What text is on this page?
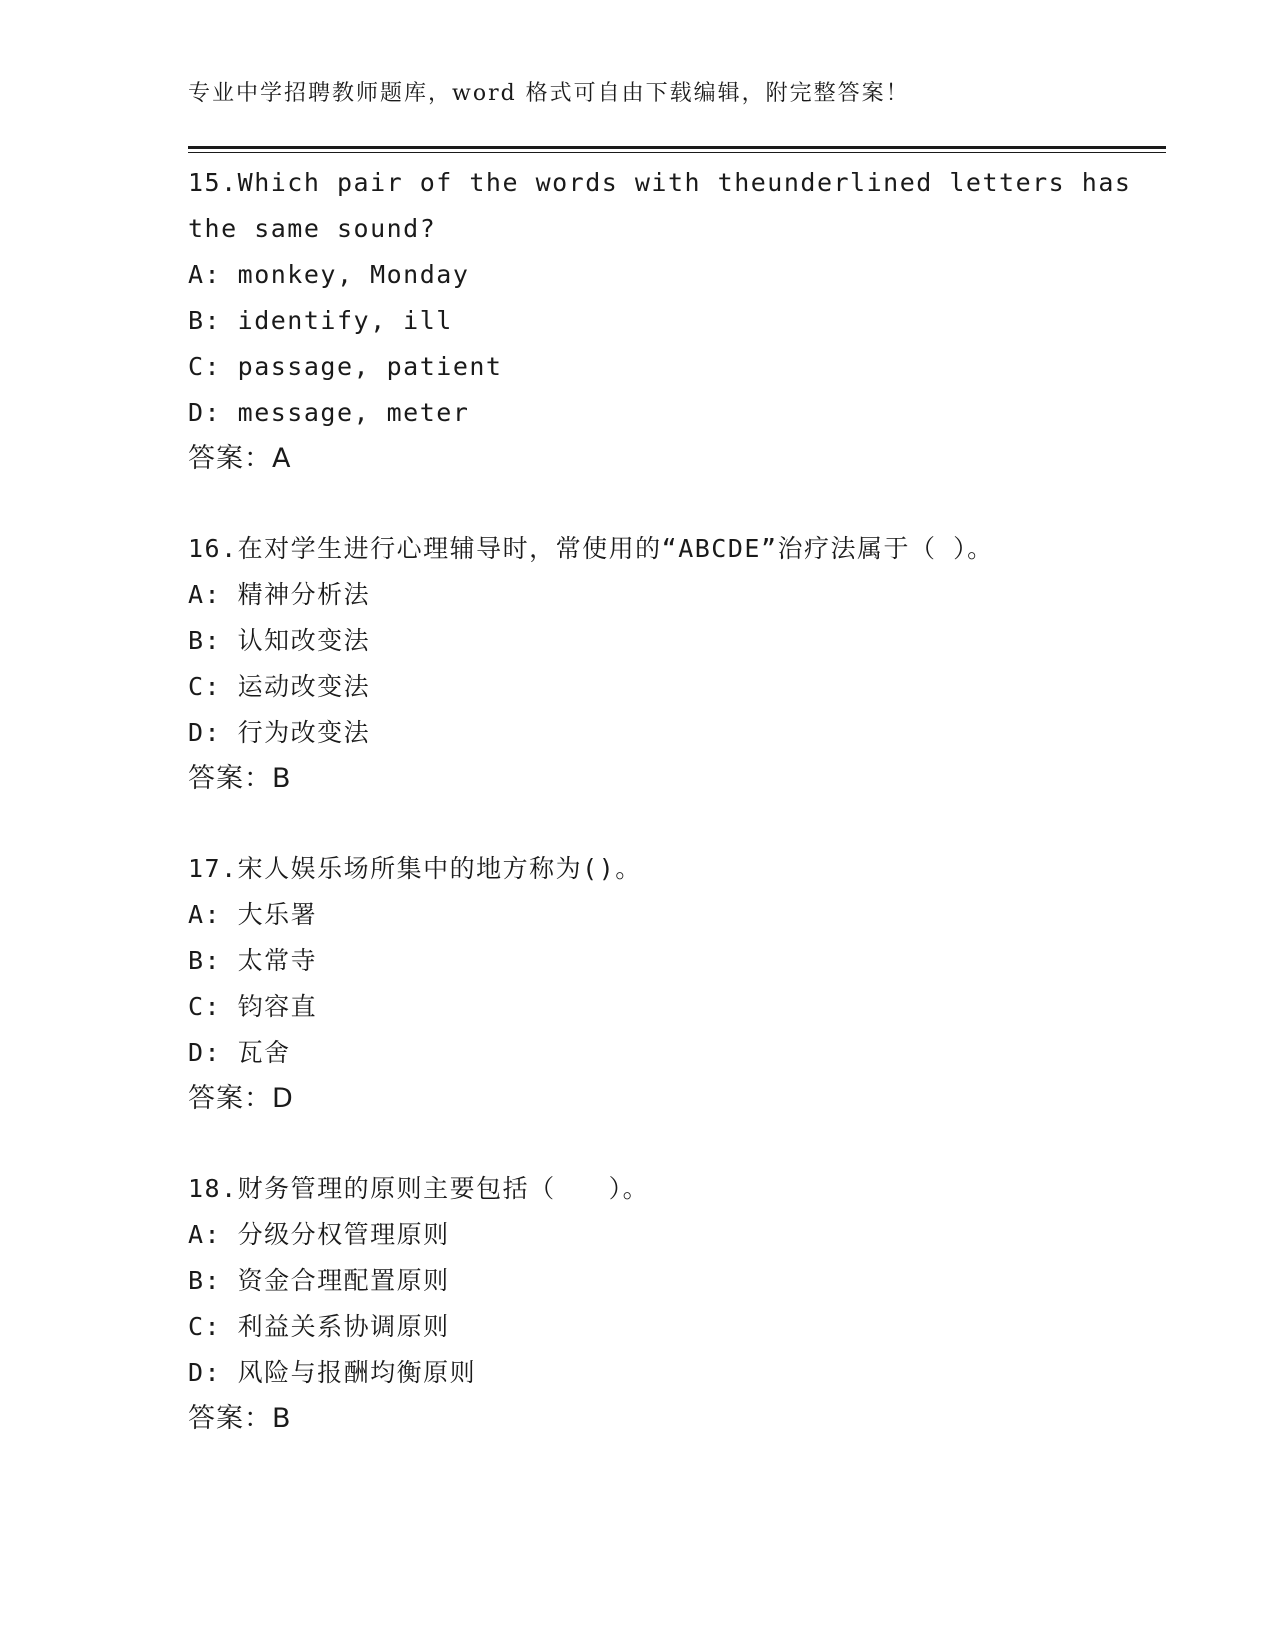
专业中学招聘教师题库，word 格式可自由下载编辑，附完整答案！
15.Which pair of the words with theunderlined letters has the same sound?
A: monkey, Monday
B: identify, ill
C: passage, patient
D: message, meter
答案：A
16.在对学生进行心理辅导时，常使用的“ABCDE”治疗法属于（ ）。
A: 精神分析法
B: 认知改变法
C: 运动改变法
D: 行为改变法
答案：B
17.宋人娱乐场所集中的地方称为()。
A: 大乐署
B: 太常寺
C: 钧容直
D: 瓦舍
答案：D
18.财务管理的原则主要包括（　　）。
A: 分级分权管理原则
B: 资金合理配置原则
C: 利益关系协调原则
D: 风险与报酬均衡原则
答案：B
